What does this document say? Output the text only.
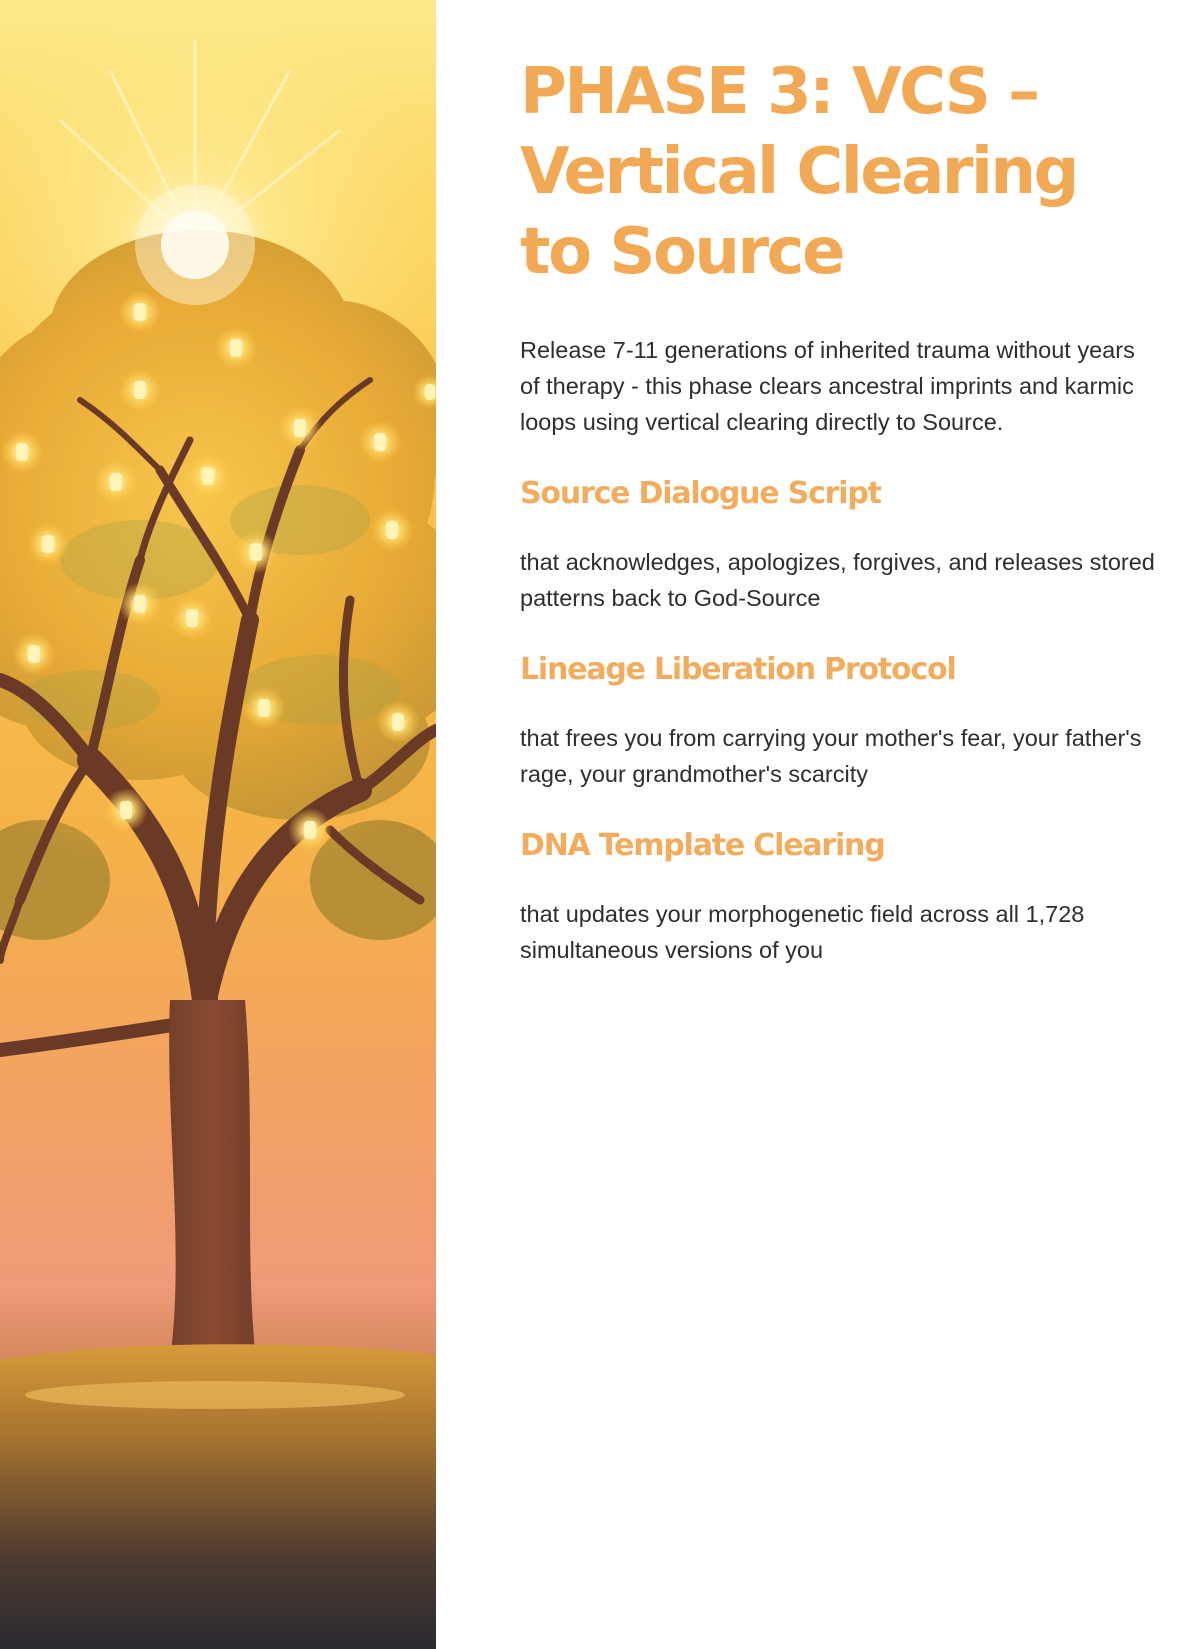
PHASE 3: VCS – Vertical Clearing to Source

Release 7-11 generations of inherited trauma without years of therapy - this phase clears ancestral imprints and karmic loops using vertical clearing directly to Source.

Source Dialogue Script

that acknowledges, apologizes, forgives, and releases stored patterns back to God-Source

Lineage Liberation Protocol

that frees you from carrying your mother's fear, your father's rage, your grandmother's scarcity

DNA Template Clearing

that updates your morphogenetic field across all 1,728 simultaneous versions of you
